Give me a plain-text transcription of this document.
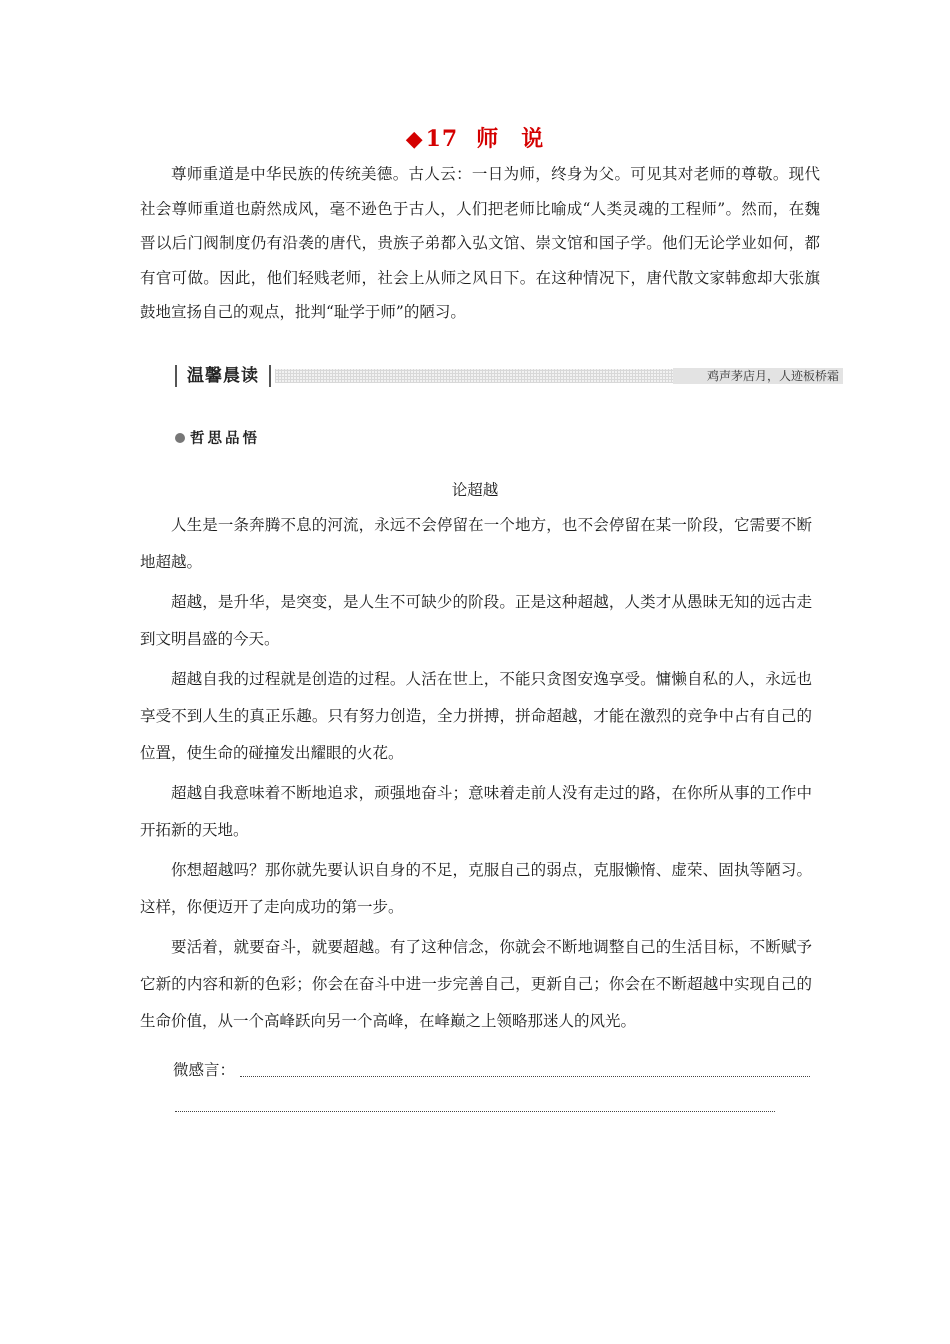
◆17 师 说

尊师重道是中华民族的传统美德。古人云：一日为师，终身为父。可见其对老师的尊敬。现代社会尊师重道也蔚然成风，毫不逊色于古人，人们把老师比喻成“人类灵魂的工程师”。然而，在魏晋以后门阀制度仍有沿袭的唐代，贵族子弟都入弘文馆、崇文馆和国子学。他们无论学业如何，都有官可做。因此，他们轻贱老师，社会上从师之风日下。在这种情况下，唐代散文家韩愈却大张旗鼓地宣扬自己的观点，批判“耻学于师”的陋习。

温馨晨读	鸡声茅店月，人迹板桥霜
哲思品悟
论超越

人生是一条奔腾不息的河流，永远不会停留在一个地方，也不会停留在某一阶段，它需要不断地超越。

超越，是升华，是突变，是人生不可缺少的阶段。正是这种超越，人类才从愚昧无知的远古走到文明昌盛的今天。

超越自我的过程就是创造的过程。人活在世上，不能只贪图安逸享受。慵懒自私的人，永远也享受不到人生的真正乐趣。只有努力创造，全力拼搏，拼命超越，才能在激烈的竞争中占有自己的位置，使生命的碰撞发出耀眼的火花。

超越自我意味着不断地追求，顽强地奋斗；意味着走前人没有走过的路，在你所从事的工作中开拓新的天地。

你想超越吗？那你就先要认识自身的不足，克服自己的弱点，克服懒惰、虚荣、固执等陋习。这样，你便迈开了走向成功的第一步。

要活着，就要奋斗，就要超越。有了这种信念，你就会不断地调整自己的生活目标，不断赋予它新的内容和新的色彩；你会在奋斗中进一步完善自己，更新自己；你会在不断超越中实现自己的生命价值，从一个高峰跃向另一个高峰，在峰巅之上领略那迷人的风光。

微感言：
